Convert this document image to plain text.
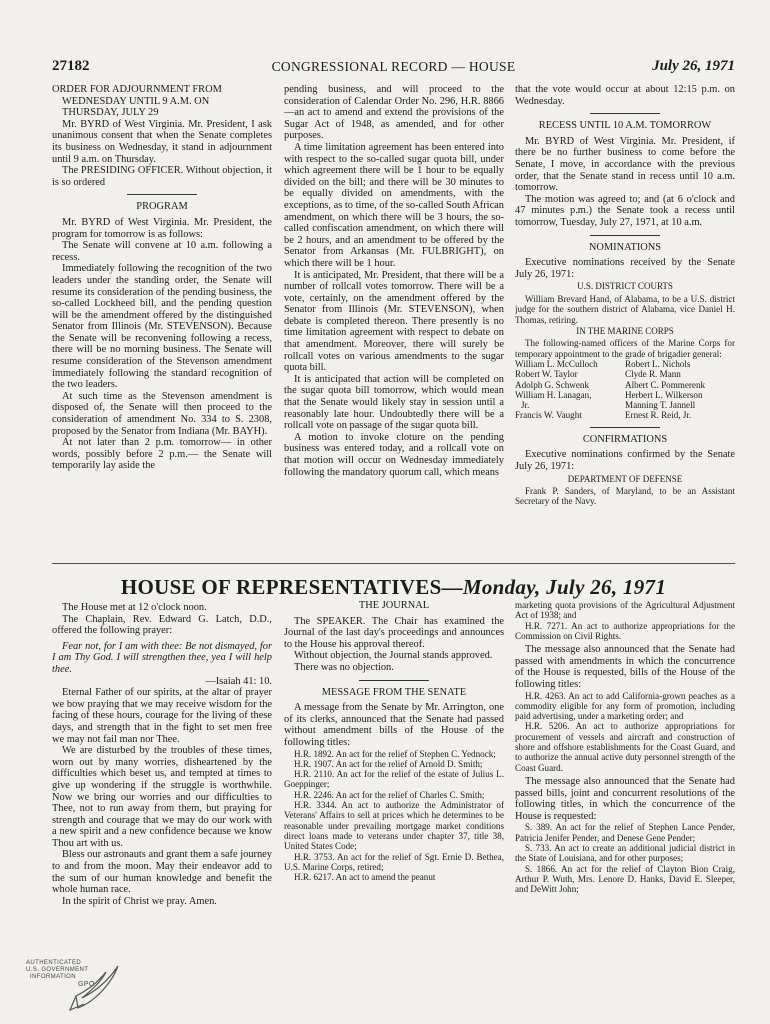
27182	CONGRESSIONAL RECORD — HOUSE	July 26, 1971
ORDER FOR ADJOURNMENT FROM
WEDNESDAY UNTIL 9 A.M. ON
THURSDAY, JULY 29

Mr. BYRD of West Virginia. Mr. President, I ask unanimous consent that when the Senate completes its business on Wednesday, it stand in adjournment until 9 a.m. on Thursday.

The PRESIDING OFFICER. Without objection, it is so ordered

PROGRAM

Mr. BYRD of West Virginia. Mr. President, the program for tomorrow is as follows:

The Senate will convene at 10 a.m. following a recess.

Immediately following the recognition of the two leaders under the standing order, the Senate will resume its consideration of the pending business, the so-called Lockheed bill, and the pending question will be the amendment offered by the distinguished Senator from Illinois (Mr. STEVENSON). Because the Senate will be reconvening following a recess, there will be no morning business. The Senate will resume consideration of the Stevenson amendment immediately following the standard recognition of the two leaders.

At such time as the Stevenson amendment is disposed of, the Senate will then proceed to the consideration of amendment No. 334 to S. 2308, proposed by the Senator from Indiana (Mr. BAYH).

At not later than 2 p.m. tomorrow— in other words, possibly before 2 p.m.— the Senate will temporarily lay aside the

pending business, and will proceed to the consideration of Calendar Order No. 296, H.R. 8866—an act to amend and extend the provisions of the Sugar Act of 1948, as amended, and for other purposes.

A time limitation agreement has been entered into with respect to the so-called sugar quota bill, under which agreement there will be 1 hour to be equally divided on the bill; and there will be 30 minutes to be equally divided on amendments, with the exceptions, as to time, of the so-called South African amendment, on which there will be 3 hours, the so-called confiscation amendment, on which there will be 2 hours, and an amendment to be offered by the Senator from Arkansas (Mr. FULBRIGHT), on which there will be 1 hour.

It is anticipated, Mr. President, that there will be a number of rollcall votes tomorrow. There will be a vote, certainly, on the amendment offered by the Senator from Illinois (Mr. STEVENSON), when debate is completed thereon. There presently is no time limitation agreement with respect to debate on that amendment. Moreover, there will surely be rollcall votes on various amendments to the sugar quota bill.

It is anticipated that action will be completed on the sugar quota bill tomorrow, which would mean that the Senate would likely stay in session until a reasonably late hour. Undoubtedly there will be a rollcall vote on passage of the sugar quota bill.

A motion to invoke cloture on the pending business was entered today, and a rollcall vote on that motion will occur on Wednesday immediately following the mandatory quorum call, which means

that the vote would occur at about 12:15 p.m. on Wednesday.

RECESS UNTIL 10 A.M. TOMORROW

Mr. BYRD of West Virginia. Mr. President, if there be no further business to come before the Senate, I move, in accordance with the previous order, that the Senate stand in recess until 10 a.m. tomorrow.

The motion was agreed to; and (at 6 o'clock and 47 minutes p.m.) the Senate took a recess until tomorrow, Tuesday, July 27, 1971, at 10 a.m.

NOMINATIONS

Executive nominations received by the Senate July 26, 1971:

U.S. DISTRICT COURTS

William Brevard Hand, of Alabama, to be a U.S. district judge for the southern district of Alabama, vice Daniel H. Thomas, retiring.

IN THE MARINE CORPS

The following-named officers of the Marine Corps for temporary appointment to the grade of brigadier general:

William L. McCulloch
Robert W. Taylor
Adolph G. Schwenk
William H. Lanagan,
Jr.
Francis W. Vaught
Robert L. Nichols
Clyde R. Mann
Albert C. Pommerenk
Herbert L. Wilkerson
Manning T. Jannell
Ernest R. Reid, Jr.
CONFIRMATIONS

Executive nominations confirmed by the Senate July 26, 1971:

DEPARTMENT OF DEFENSE

Frank P. Sanders, of Maryland, to be an Assistant Secretary of the Navy.

HOUSE OF REPRESENTATIVES—Monday, July 26, 1971

The House met at 12 o'clock noon.

The Chaplain, Rev. Edward G. Latch, D.D., offered the following prayer:

Fear not, for I am with thee: Be not dismayed, for I am Thy God. I will strengthen thee, yea I will help thee.

—Isaiah 41: 10.

Eternal Father of our spirits, at the altar of prayer we bow praying that we may receive wisdom for the facing of these hours, courage for the living of these days, and strength that in the fight to set men free we may not fail man nor Thee.

We are disturbed by the troubles of these times, worn out by many worries, disheartened by the difficulties which beset us, and tempted at times to give up wondering if the struggle is worthwhile. Now we bring our worries and our difficulties to Thee, not to run away from them, but praying for strength and courage that we may do our work with a new spirit and a new confidence because we know Thou art with us.

Bless our astronauts and grant them a safe journey to and from the moon. May their endeavor add to the sum of our human knowledge and benefit the whole human race.

In the spirit of Christ we pray. Amen.

THE JOURNAL

The SPEAKER. The Chair has examined the Journal of the last day's proceedings and announces to the House his approval thereof.

Without objection, the Journal stands approved.

There was no objection.

MESSAGE FROM THE SENATE

A message from the Senate by Mr. Arrington, one of its clerks, announced that the Senate had passed without amendment bills of the House of the following titles:

H.R. 1892. An act for the relief of Stephen C. Yednock;

H.R. 1907. An act for the relief of Arnold D. Smith;

H.R. 2110. An act for the relief of the estate of Julius L. Goeppinger;

H.R. 2246. An act for the relief of Charles C. Smith;

H.R. 3344. An act to authorize the Administrator of Veterans' Affairs to sell at prices which he determines to be reasonable under prevailing mortgage market conditions direct loans made to veterans under chapter 37, title 38, United States Code;

H.R. 3753. An act for the relief of Sgt. Ernie D. Bethea, U.S. Marine Corps, retired;

H.R. 6217. An act to amend the peanut

marketing quota provisions of the Agricultural Adjustment Act of 1938; and

H.R. 7271. An act to authorize appropriations for the Commission on Civil Rights.

The message also announced that the Senate had passed with amendments in which the concurrence of the House is requested, bills of the House of the following titles:

H.R. 4263. An act to add California-grown peaches as a commodity eligible for any form of promotion, including paid advertising, under a marketing order; and

H.R. 5206. An act to authorize appropriations for procurement of vessels and aircraft and construction of shore and offshore establishments for the Coast Guard, and to authorize the annual active duty personnel strength of the Coast Guard.

The message also announced that the Senate had passed bills, joint and concurrent resolutions of the following titles, in which the concurrence of the House is requested:

S. 389. An act for the relief of Stephen Lance Pender, Patricia Jenifer Pender, and Denese Gene Pender;

S. 733. An act to create an additional judicial district in the State of Louisiana, and for other purposes;

S. 1866. An act for the relief of Clayton Bion Craig, Arthur P. Wuth, Mrs. Lenore D. Hanks, David E. Sleeper, and DeWitt John;

AUTHENTICATED
U.S. GOVERNMENT
INFORMATION
GPO
